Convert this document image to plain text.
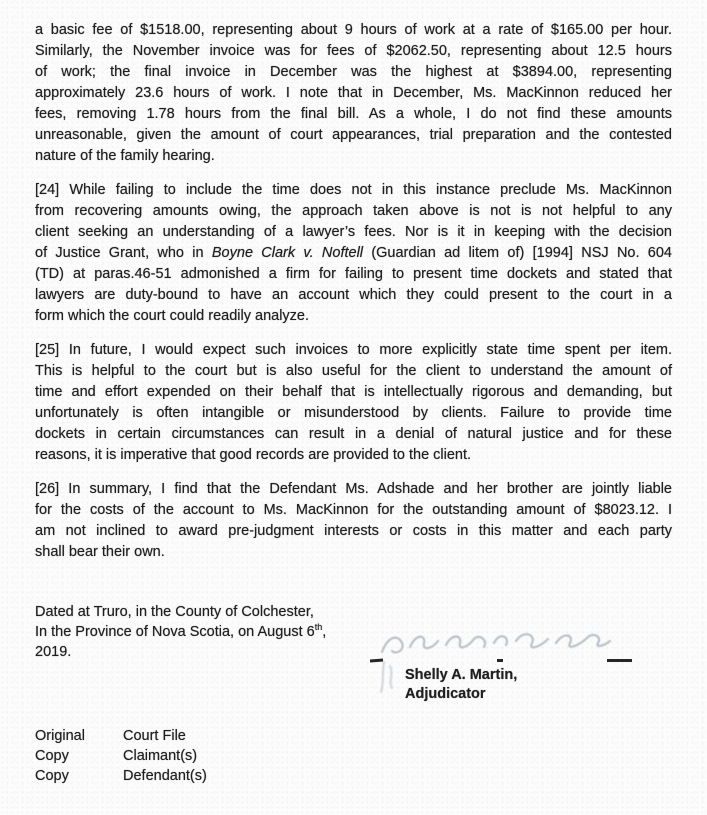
a basic fee of $1518.00, representing about 9 hours of work at a rate of $165.00 per hour.
Similarly, the November invoice was for fees of $2062.50, representing about 12.5 hours
of work; the final invoice in December was the highest at $3894.00, representing
approximately 23.6 hours of work. I note that in December, Ms. MacKinnon reduced her
fees, removing 1.78 hours from the final bill. As a whole, I do not find these amounts
unreasonable, given the amount of court appearances, trial preparation and the contested
nature of the family hearing.
[24] While failing to include the time does not in this instance preclude Ms. MacKinnon
from recovering amounts owing, the approach taken above is not is not helpful to any
client seeking an understanding of a lawyer’s fees. Nor is it in keeping with the decision
of Justice Grant, who in Boyne Clark v. Noftell (Guardian ad litem of) [1994] NSJ No. 604
(TD) at paras.46-51 admonished a firm for failing to present time dockets and stated that
lawyers are duty-bound to have an account which they could present to the court in a
form which the court could readily analyze.
[25] In future, I would expect such invoices to more explicitly state time spent per item.
This is helpful to the court but is also useful for the client to understand the amount of
time and effort expended on their behalf that is intellectually rigorous and demanding, but
unfortunately is often intangible or misunderstood by clients. Failure to provide time
dockets in certain circumstances can result in a denial of natural justice and for these
reasons, it is imperative that good records are provided to the client.
[26] In summary, I find that the Defendant Ms. Adshade and her brother are jointly liable
for the costs of the account to Ms. MacKinnon for the outstanding amount of $8023.12. I
am not inclined to award pre-judgment interests or costs in this matter and each party
shall bear their own.
Dated at Truro, in the County of Colchester,
In the Province of Nova Scotia, on August 6th,
2019.
Shelly A. Martin,
Adjudicator
Original	Court File
Copy	Claimant(s)
Copy	Defendant(s)
